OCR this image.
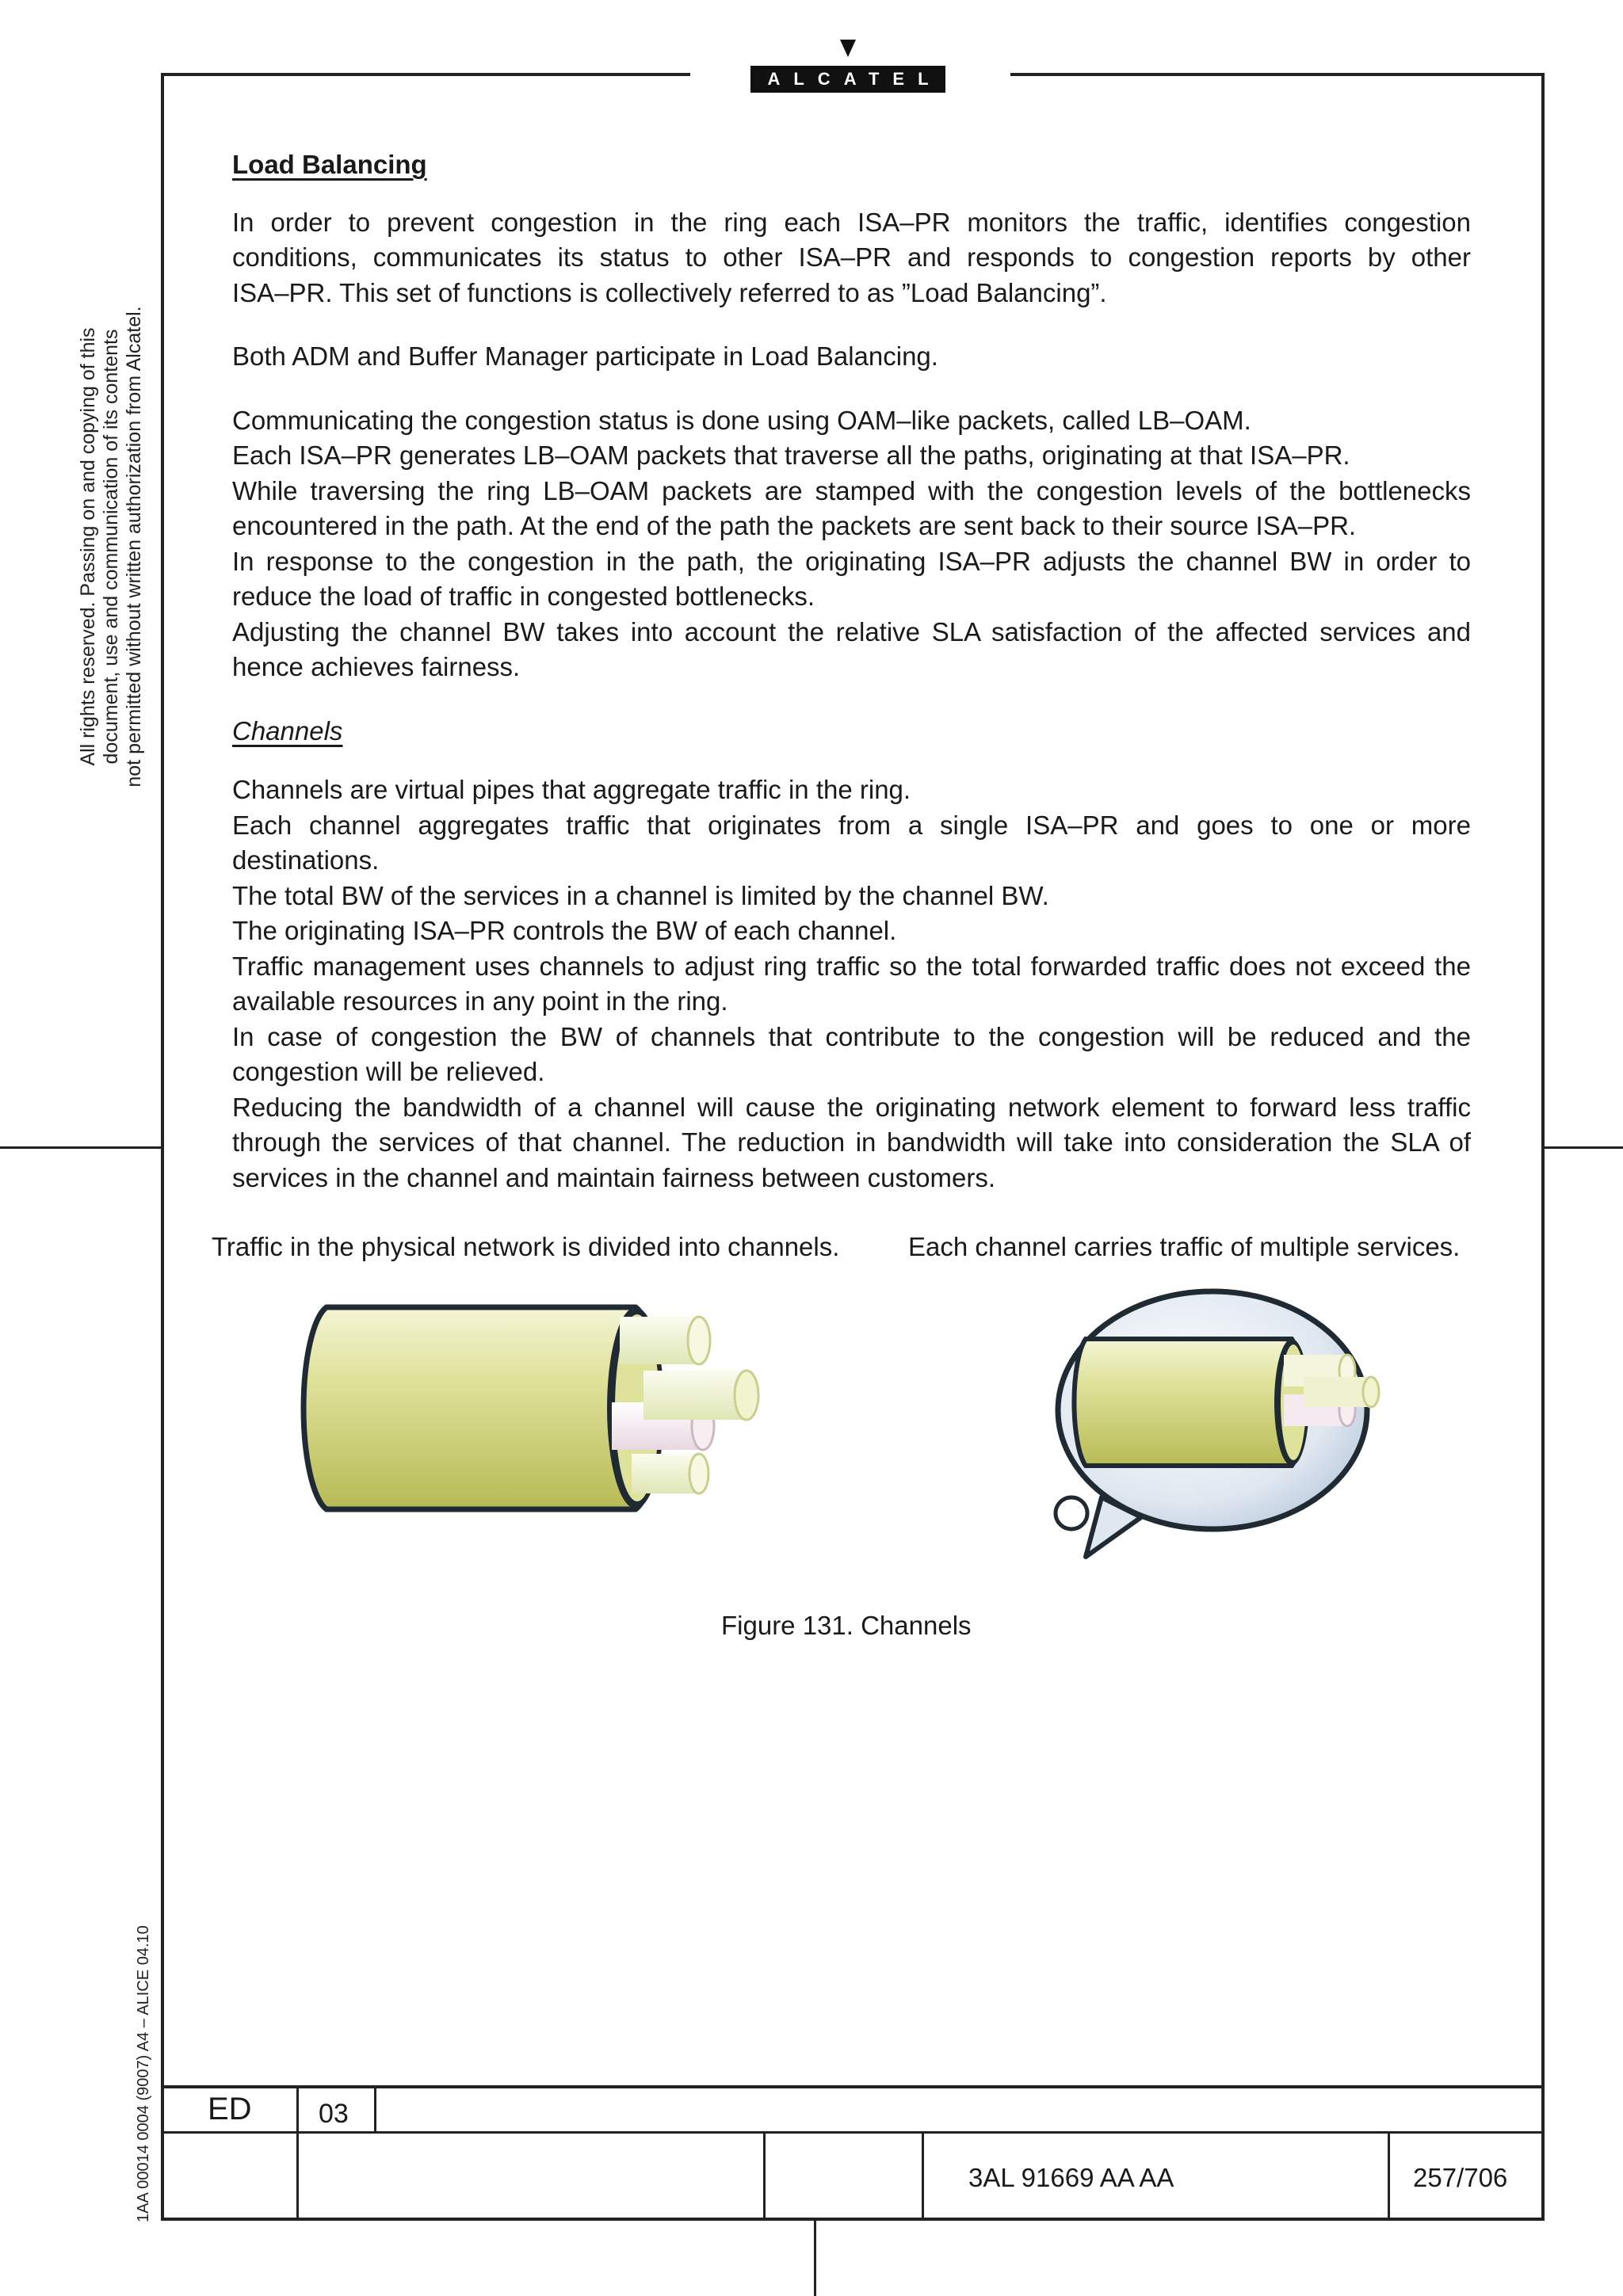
ALCATEL
All rights reserved. Passing on and copying of this document, use and communication of its contents not permitted without written authorization from Alcatel.
1AA 00014 0004 (9007) A4 – ALICE 04.10
Load Balancing

In order to prevent congestion in the ring each ISA–PR monitors the traffic, identifies congestion
conditions, communicates its status to other ISA–PR and responds to congestion reports by other
ISA–PR. This set of functions is collectively referred to as ”Load Balancing”.

Both ADM and Buffer Manager participate in Load Balancing.

Communicating the congestion status is done using OAM–like packets, called LB–OAM.
Each ISA–PR generates LB–OAM packets that traverse all the paths, originating at that ISA–PR.
While traversing the ring LB–OAM packets are stamped with the congestion levels of the bottlenecks
encountered in the path. At the end of the path the packets are sent back to their source ISA–PR.
In response to the congestion in the path, the originating ISA–PR adjusts the channel BW in order to
reduce the load of traffic in congested bottlenecks.
Adjusting the channel BW takes into account the relative SLA satisfaction of the affected services and
hence achieves fairness.

Channels

Channels are virtual pipes that aggregate traffic in the ring.
Each channel aggregates traffic that originates from a single ISA–PR and goes to one or more
destinations.
The total BW of the services in a channel is limited by the channel BW.
The originating ISA–PR controls the BW of each channel.
Traffic management uses channels to adjust ring traffic so the total forwarded traffic does not exceed the
available resources in any point in the ring.
In case of congestion the BW of channels that contribute to the congestion will be reduced and the
congestion will be relieved.
Reducing the bandwidth of a channel will cause the originating network element to forward less traffic
through the services of that channel. The reduction in bandwidth will take into consideration the SLA of
services in the channel and maintain fairness between customers.

Traffic in the physical network is divided into channels.	Each channel carries traffic of multiple services.
Figure 131. Channels
ED 03
3AL 91669 AA AA	257/706
